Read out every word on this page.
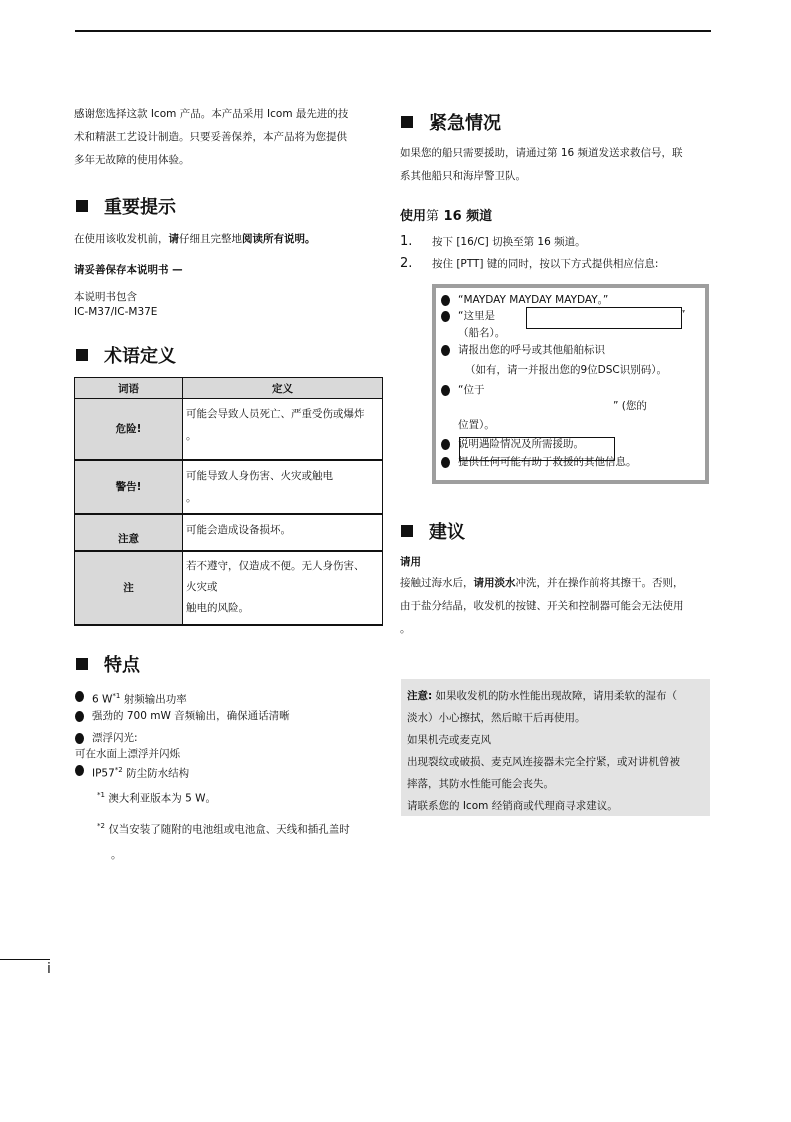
感谢您选择这款 Icom 产品。本产品采用 Icom 最先进的技

术和精湛工艺设计制造。只要妥善保养，本产品将为您提供

多年无故障的使用体验。

重要提示

在使用该收发机前，请仔细且完整地阅读所有说明。

请妥善保存本说明书 —

本说明书包含

IC-M37/IC-M37E

术语定义
词语	定义
危险!	可能会导致人员死亡、严重受伤或爆炸
。

警告!	可能导致人身伤害、火灾或触电
。

注意	可能会造成设备损坏。

注	若不遵守，仅造成不便。无人身伤害、
火灾或
触电的风险。
特点
6 $W^{*1}$ 射频输出功率
强劲的 700 mW 音频输出，确保通话清晰
漂浮闪光:
可在水面上漂浮并闪烁
IP57$^{*2}$ 防尘防水结构
$^{*1}$ 澳大利亚版本为 5 W。
$^{*2}$ 仅当安装了随附的电池组或电池盒、天线和插孔盖时
。
紧急情况

如果您的船只需要援助，请通过第 16 频道发送求救信号，联

系其他船只和海岸警卫队。

使用第 16 频道
1.	按下 [16/C] 切换至第 16 频道。
2.	按住 [PTT] 键的同时，按以下方式提供相应信息:
“MAYDAY MAYDAY MAYDAY。”
“这里是
（船名）。
请报出您的呼号或其他船舶标识
（如有，请一并报出您的9位DSC识别码）。
“位于
” (您的
位置）。
说明遇险情况及所需援助。
提供任何可能有助于救援的其他信息。
”
建议

请用

接触过海水后，请用淡水冲洗，并在操作前将其擦干。否则，

由于盐分结晶，收发机的按键、开关和控制器可能会无法使用

。

注意: 如果收发机的防水性能出现故障，请用柔软的湿布（
淡水）小心擦拭，然后晾干后再使用。
如果机壳或麦克风
出现裂纹或破损、麦克风连接器未完全拧紧，或对讲机曾被
摔落，其防水性能可能会丧失。
请联系您的 Icom 经销商或代理商寻求建议。
i
